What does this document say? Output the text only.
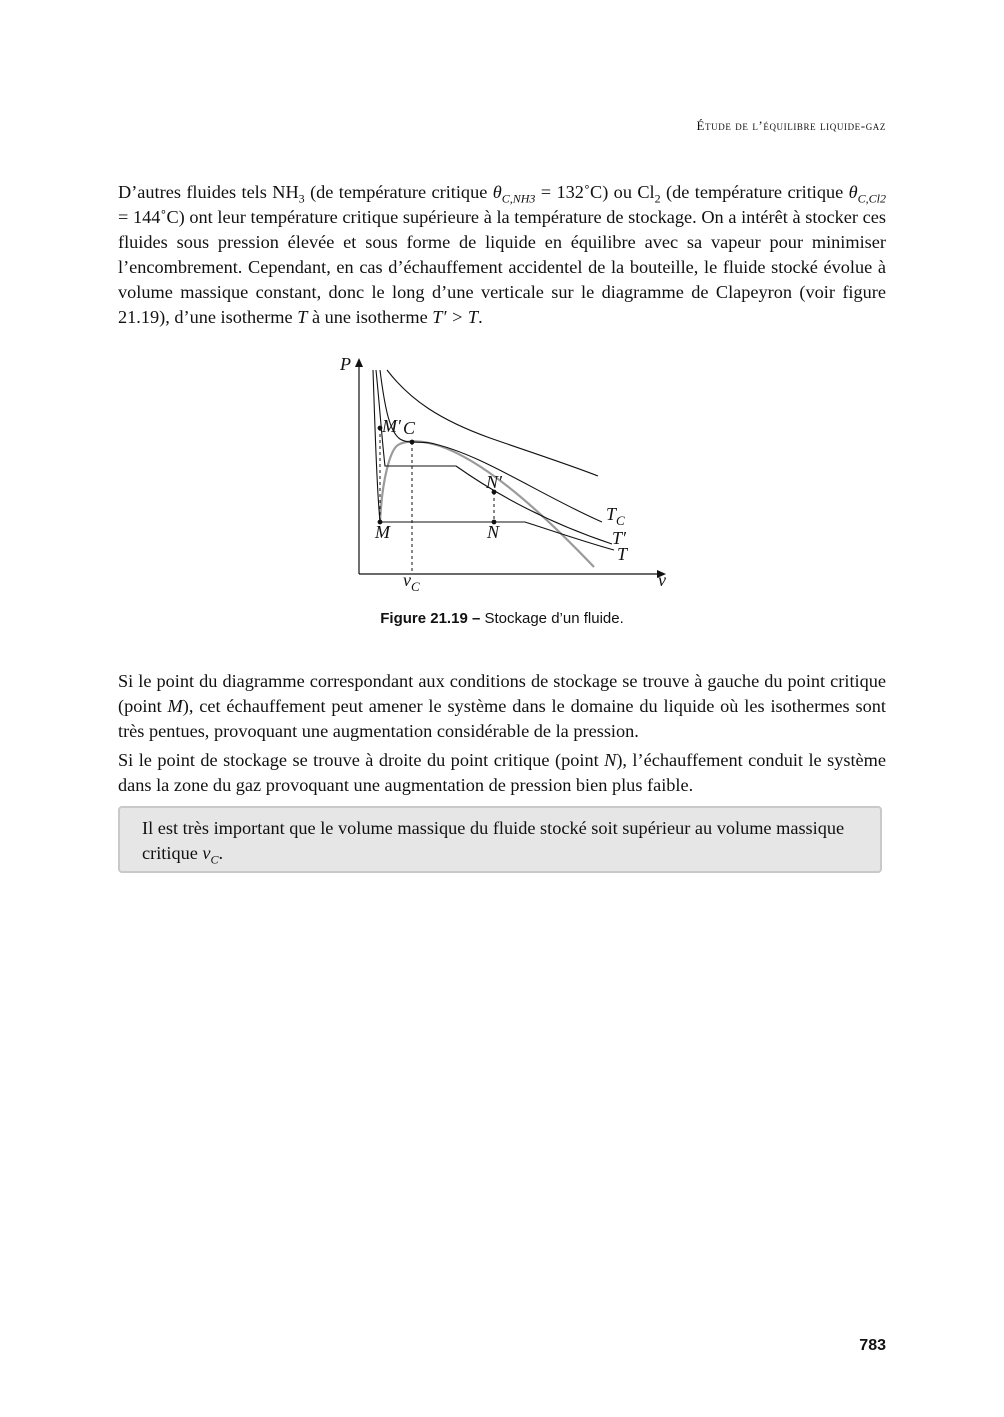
Étude de l’équilibre liquide-gaz

D’autres fluides tels $NH_3$ (de température critique $\theta_{C,NH3}$ = 132˚C) ou $Cl_2$ (de température critique $\theta_{C,Cl2}$ = 144˚C) ont leur température critique supérieure à la température de stockage. On a intérêt à stocker ces fluides sous pression élevée et sous forme de liquide en équilibre avec sa vapeur pour minimiser l’encombrement. Cependant, en cas d’échauffement accidentel de la bouteille, le fluide stocké évolue à volume massique constant, donc le long d’une verticale sur le diagramme de Clapeyron (voir figure 21.19), d’une isotherme T à une isotherme T′ > T.

P
v
M′ C
N′
M	N
$v_C$
$T_C$
T′
T
Figure 21.19 – Stockage d’un fluide.

Si le point du diagramme correspondant aux conditions de stockage se trouve à gauche du point critique (point M), cet échauffement peut amener le système dans le domaine du liquide où les isothermes sont très pentues, provoquant une augmentation considérable de la pression.

Si le point de stockage se trouve à droite du point critique (point N), l’échauffement conduit le système dans la zone du gaz provoquant une augmentation de pression bien plus faible.

Il est très important que le volume massique du fluide stocké soit supérieur au volume massique critique $v_C$.
783
